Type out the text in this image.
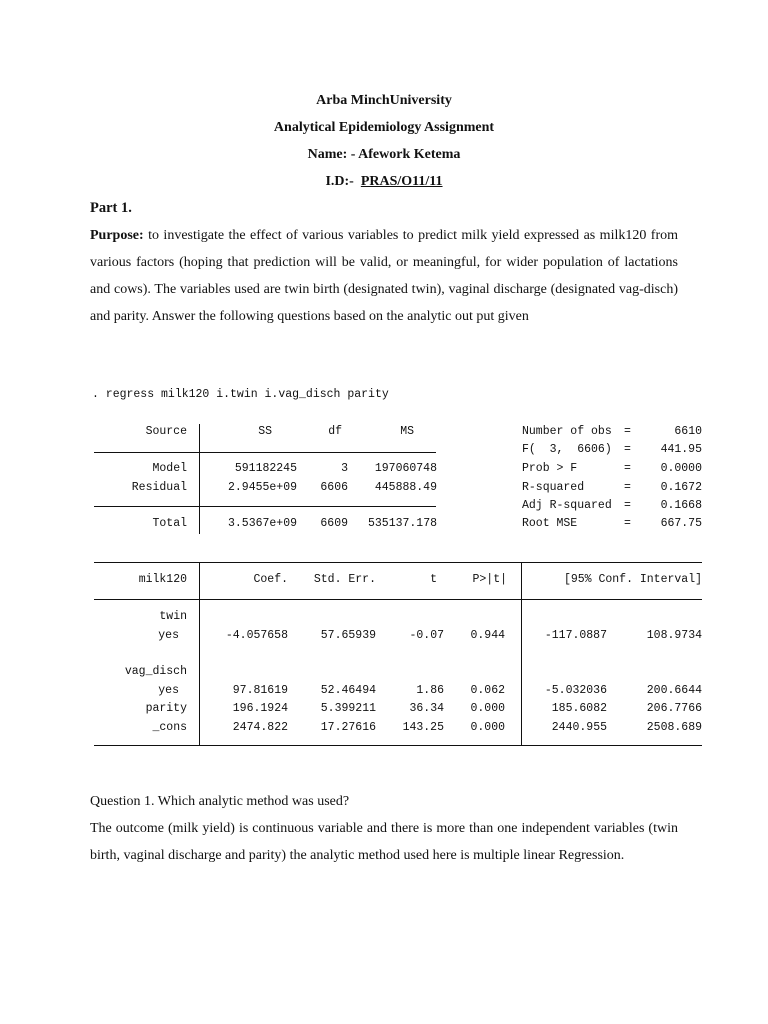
Arba MinchUniversity
Analytical Epidemiology Assignment
Name: - Afework Ketema
I.D:- PRAS/O11/11
Part 1.
Purpose: to investigate the effect of various variables to predict milk yield expressed as milk120 from various factors (hoping that prediction will be valid, or meaningful, for wider population of lactations and cows). The variables used are twin birth (designated twin), vaginal discharge (designated vag-disch) and parity. Answer the following questions based on the analytic out put given
. regress milk120 i.twin i.vag_disch parity
Source	SS	df	MS
Model	591182245	3	197060748
Residual	2.9455e+09	6606	445888.49
Total	3.5367e+09	6609	535137.178
Number of obs =	6610
F(  3,  6606) =	441.95
Prob > F	=	0.0000
R-squared	=	0.1672
Adj R-squared =	0.1668
Root MSE	=	667.75
milk120	Coef.	Std. Err.	t	P>|t|	[95% Conf. Interval]
twin
yes	-4.057658	57.65939	-0.07	0.944	-117.0887	108.9734
vag_disch
yes	97.81619	52.46494	1.86	0.062	-5.032036	200.6644
parity	196.1924	5.399211	36.34	0.000	185.6082	206.7766
_cons	2474.822	17.27616	143.25	0.000	2440.955	2508.689
Question 1. Which analytic method was used?
The outcome (milk yield) is continuous variable and there is more than one independent variables (twin birth, vaginal discharge and parity) the analytic method used here is multiple linear Regression.
